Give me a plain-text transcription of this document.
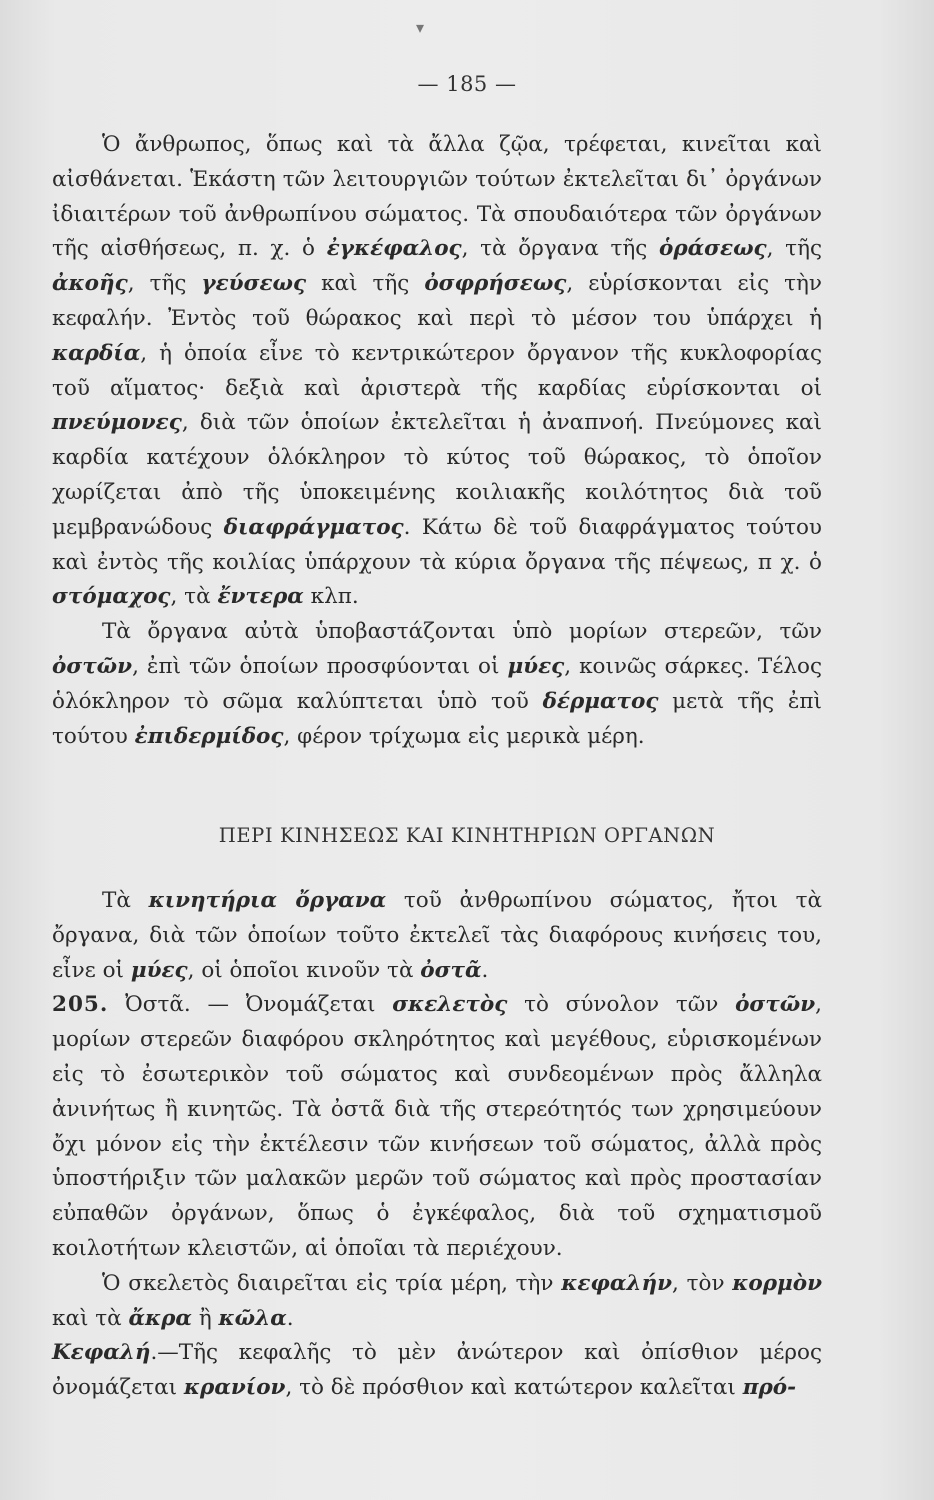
▾
— 185 —

Ὁ ἄνθρωπος, ὅπως καὶ τὰ ἄλλα ζῷα, τρέφεται, κινεῖται καὶ αἰσθάνεται. Ἑκάστη τῶν λειτουργιῶν τούτων ἐκτελεῖται δι᾽ ὀργάνων ἰδιαιτέρων τοῦ ἀνθρωπίνου σώματος. Τὰ σπουδαιότερα τῶν ὀργάνων τῆς αἰσθήσεως, π. χ. ὁ ἐγκέφαλος, τὰ ὄργανα τῆς ὁράσεως, τῆς ἀκοῆς, τῆς γεύσεως καὶ τῆς ὀσφρήσεως, εὑρίσκονται εἰς τὴν κεφαλήν. Ἐντὸς τοῦ θώρακος καὶ περὶ τὸ μέσον του ὑπάρχει ἡ καρδία, ἡ ὁποία εἶνε τὸ κεντρικώτερον ὄργανον τῆς κυκλοφορίας τοῦ αἵματος· δεξιὰ καὶ ἀριστερὰ τῆς καρδίας εὑρίσκονται οἱ πνεύμονες, διὰ τῶν ὁποίων ἐκτελεῖται ἡ ἀναπνοή. Πνεύμονες καὶ καρδία κατέχουν ὁλόκληρον τὸ κύτος τοῦ θώρακος, τὸ ὁποῖον χωρίζεται ἀπὸ τῆς ὑποκειμένης κοιλιακῆς κοιλότητος διὰ τοῦ μεμβρανώδους διαφράγματος. Κάτω δὲ τοῦ διαφράγματος τούτου καὶ ἐντὸς τῆς κοιλίας ὑπάρχουν τὰ κύρια ὄργανα τῆς πέψεως, π χ. ὁ στόμαχος, τὰ ἔντερα κλπ.

Τὰ ὄργανα αὐτὰ ὑποβαστάζονται ὑπὸ μορίων στερεῶν, τῶν ὀστῶν, ἐπὶ τῶν ὁποίων προσφύονται οἱ μύες, κοινῶς σάρκες. Τέλος ὁλόκληρον τὸ σῶμα καλύπτεται ὑπὸ τοῦ δέρματος μετὰ τῆς ἐπὶ τούτου ἐπιδερμίδος, φέρον τρίχωμα εἰς μερικὰ μέρη.

ΠΕΡΙ ΚΙΝΗΣΕΩΣ ΚΑΙ ΚΙΝΗΤΗΡΙΩΝ ΟΡΓΑΝΩΝ

Τὰ κινητήρια ὄργανα τοῦ ἀνθρωπίνου σώματος, ἤτοι τὰ ὄργανα, διὰ τῶν ὁποίων τοῦτο ἐκτελεῖ τὰς διαφόρους κινήσεις του, εἶνε οἱ μύες, οἱ ὁποῖοι κινοῦν τὰ ὀστᾶ.

205. Ὀστᾶ. — Ὀνομάζεται σκελετὸς τὸ σύνολον τῶν ὀστῶν, μορίων στερεῶν διαφόρου σκληρότητος καὶ μεγέθους, εὑρισκομένων εἰς τὸ ἐσωτερικὸν τοῦ σώματος καὶ συνδεομένων πρὸς ἄλληλα ἀνινήτως ἢ κινητῶς. Τὰ ὀστᾶ διὰ τῆς στερεότητός των χρησιμεύουν ὄχι μόνον εἰς τὴν ἐκτέλεσιν τῶν κινήσεων τοῦ σώματος, ἀλλὰ πρὸς ὑποστήριξιν τῶν μαλακῶν μερῶν τοῦ σώματος καὶ πρὸς προστασίαν εὐπαθῶν ὀργάνων, ὅπως ὁ ἐγκέφαλος, διὰ τοῦ σχηματισμοῦ κοιλοτήτων κλειστῶν, αἱ ὁποῖαι τὰ περιέχουν.

Ὁ σκελετὸς διαιρεῖται εἰς τρία μέρη, τὴν κεφαλήν, τὸν κορμὸν καὶ τὰ ἄκρα ἢ κῶλα.

Κεφαλή.—Τῆς κεφαλῆς τὸ μὲν ἀνώτερον καὶ ὀπίσθιον μέρος ὀνομάζεται κρανίον, τὸ δὲ πρόσθιον καὶ κατώτερον καλεῖται πρό-
